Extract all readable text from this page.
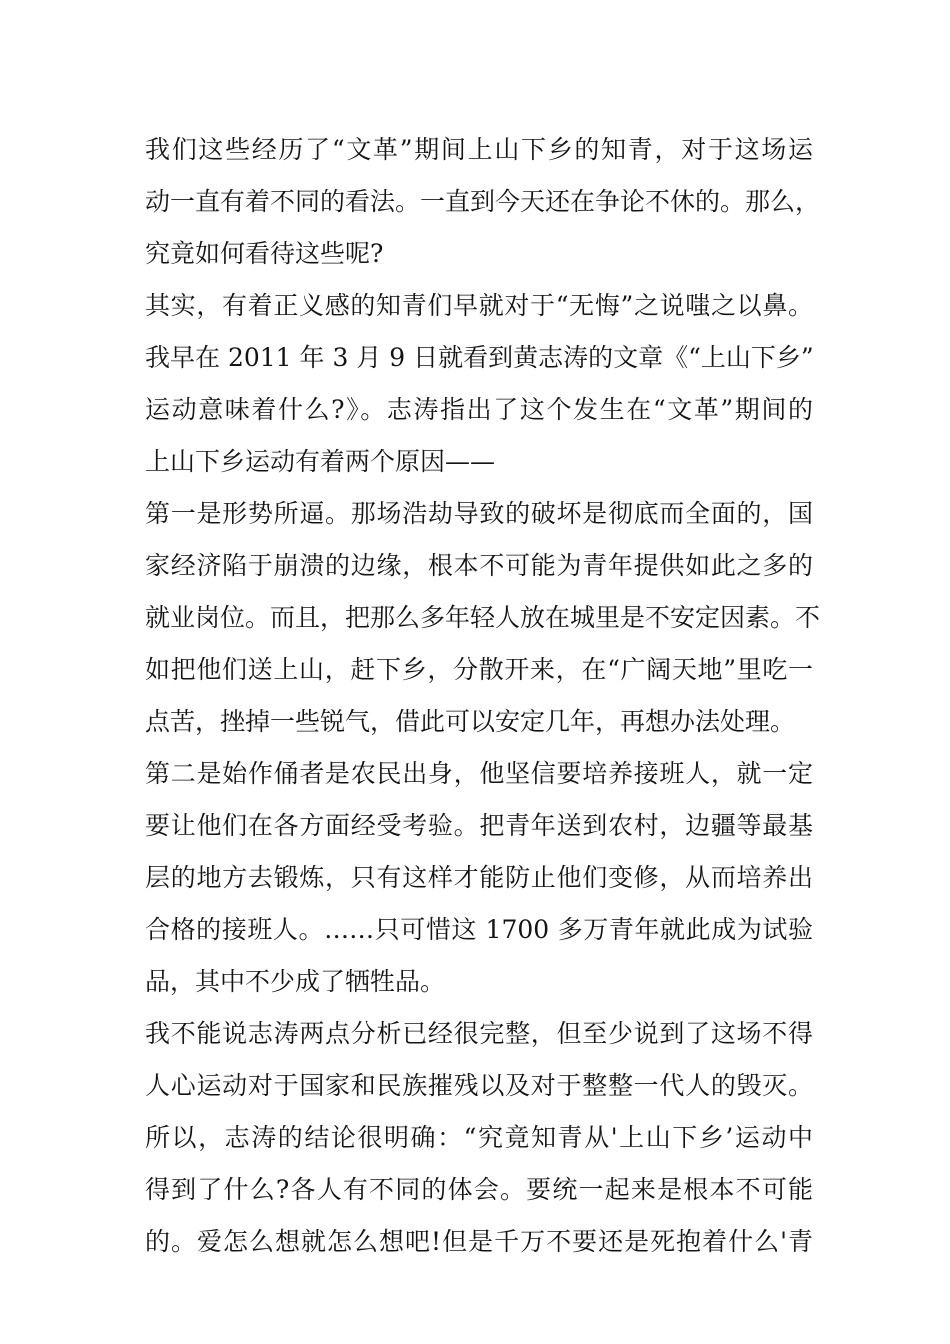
我们这些经历了“文革”期间上山下乡的知青，对于这场运
动一直有着不同的看法。一直到今天还在争论不休的。那么，
究竟如何看待这些呢?
其实，有着正义感的知青们早就对于“无悔”之说嗤之以鼻。
我早在 2011 年 3 月 9 日就看到黄志涛的文章《“上山下乡”
运动意味着什么?》。志涛指出了这个发生在“文革”期间的
上山下乡运动有着两个原因——
第一是形势所逼。那场浩劫导致的破坏是彻底而全面的，国
家经济陷于崩溃的边缘，根本不可能为青年提供如此之多的
就业岗位。而且，把那么多年轻人放在城里是不安定因素。不
如把他们送上山，赶下乡，分散开来，在“广阔天地”里吃一
点苦，挫掉一些锐气，借此可以安定几年，再想办法处理。
第二是始作俑者是农民出身，他坚信要培养接班人，就一定
要让他们在各方面经受考验。把青年送到农村，边疆等最基
层的地方去锻炼，只有这样才能防止他们变修，从而培养出
合格的接班人。……只可惜这 1700 多万青年就此成为试验
品，其中不少成了牺牲品。
我不能说志涛两点分析已经很完整，但至少说到了这场不得
人心运动对于国家和民族摧残以及对于整整一代人的毁灭。
所以，志涛的结论很明确：“究竟知青从'上山下乡’运动中
得到了什么?各人有不同的体会。要统一起来是根本不可能
的。爱怎么想就怎么想吧!但是千万不要还是死抱着什么'青
